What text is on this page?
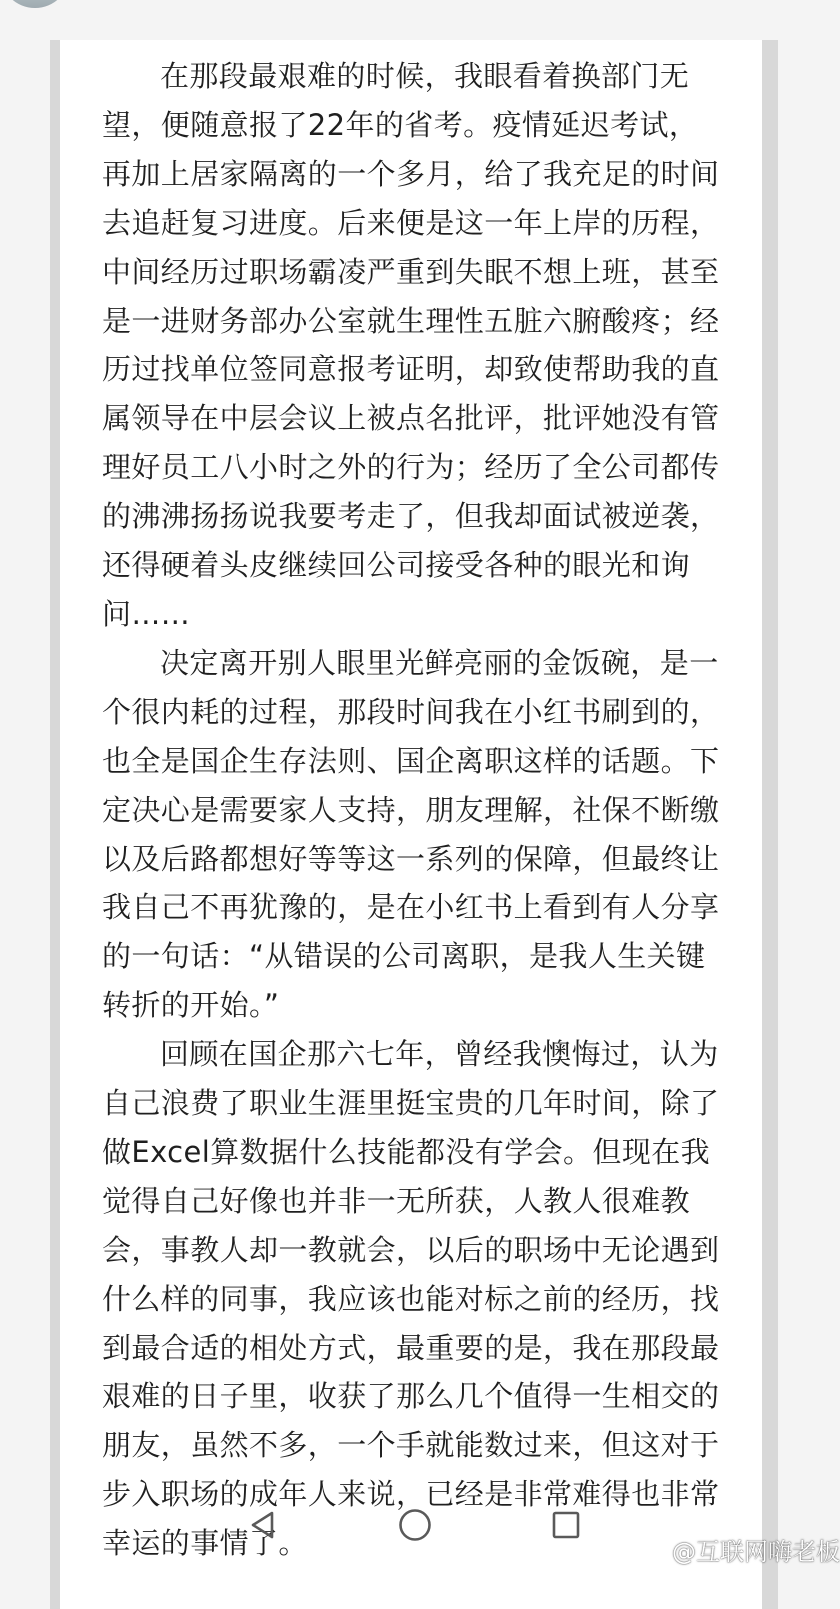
在那段最艰难的时候，我眼看着换部门无望，便随意报了22年的省考。疫情延迟考试，再加上居家隔离的一个多月，给了我充足的时间去追赶复习进度。后来便是这一年上岸的历程，中间经历过职场霸凌严重到失眠不想上班，甚至是一进财务部办公室就生理性五脏六腑酸疼；经历过找单位签同意报考证明，却致使帮助我的直属领导在中层会议上被点名批评，批评她没有管理好员工八小时之外的行为；经历了全公司都传的沸沸扬扬说我要考走了，但我却面试被逆袭，还得硬着头皮继续回公司接受各种的眼光和询问……

决定离开别人眼里光鲜亮丽的金饭碗，是一个很内耗的过程，那段时间我在小红书刷到的，也全是国企生存法则、国企离职这样的话题。下定决心是需要家人支持，朋友理解，社保不断缴以及后路都想好等等这一系列的保障，但最终让我自己不再犹豫的，是在小红书上看到有人分享的一句话：“从错误的公司离职，是我人生关键转折的开始。”

回顾在国企那六七年，曾经我懊悔过，认为自己浪费了职业生涯里挺宝贵的几年时间，除了做Excel算数据什么技能都没有学会。但现在我觉得自己好像也并非一无所获，人教人很难教会，事教人却一教就会，以后的职场中无论遇到什么样的同事，我应该也能对标之前的经历，找到最合适的相处方式，最重要的是，我在那段最艰难的日子里，收获了那么几个值得一生相交的朋友，虽然不多，一个手就能数过来，但这对于步入职场的成年人来说，已经是非常难得也非常幸运的事情了。	@互联网嗨老板
